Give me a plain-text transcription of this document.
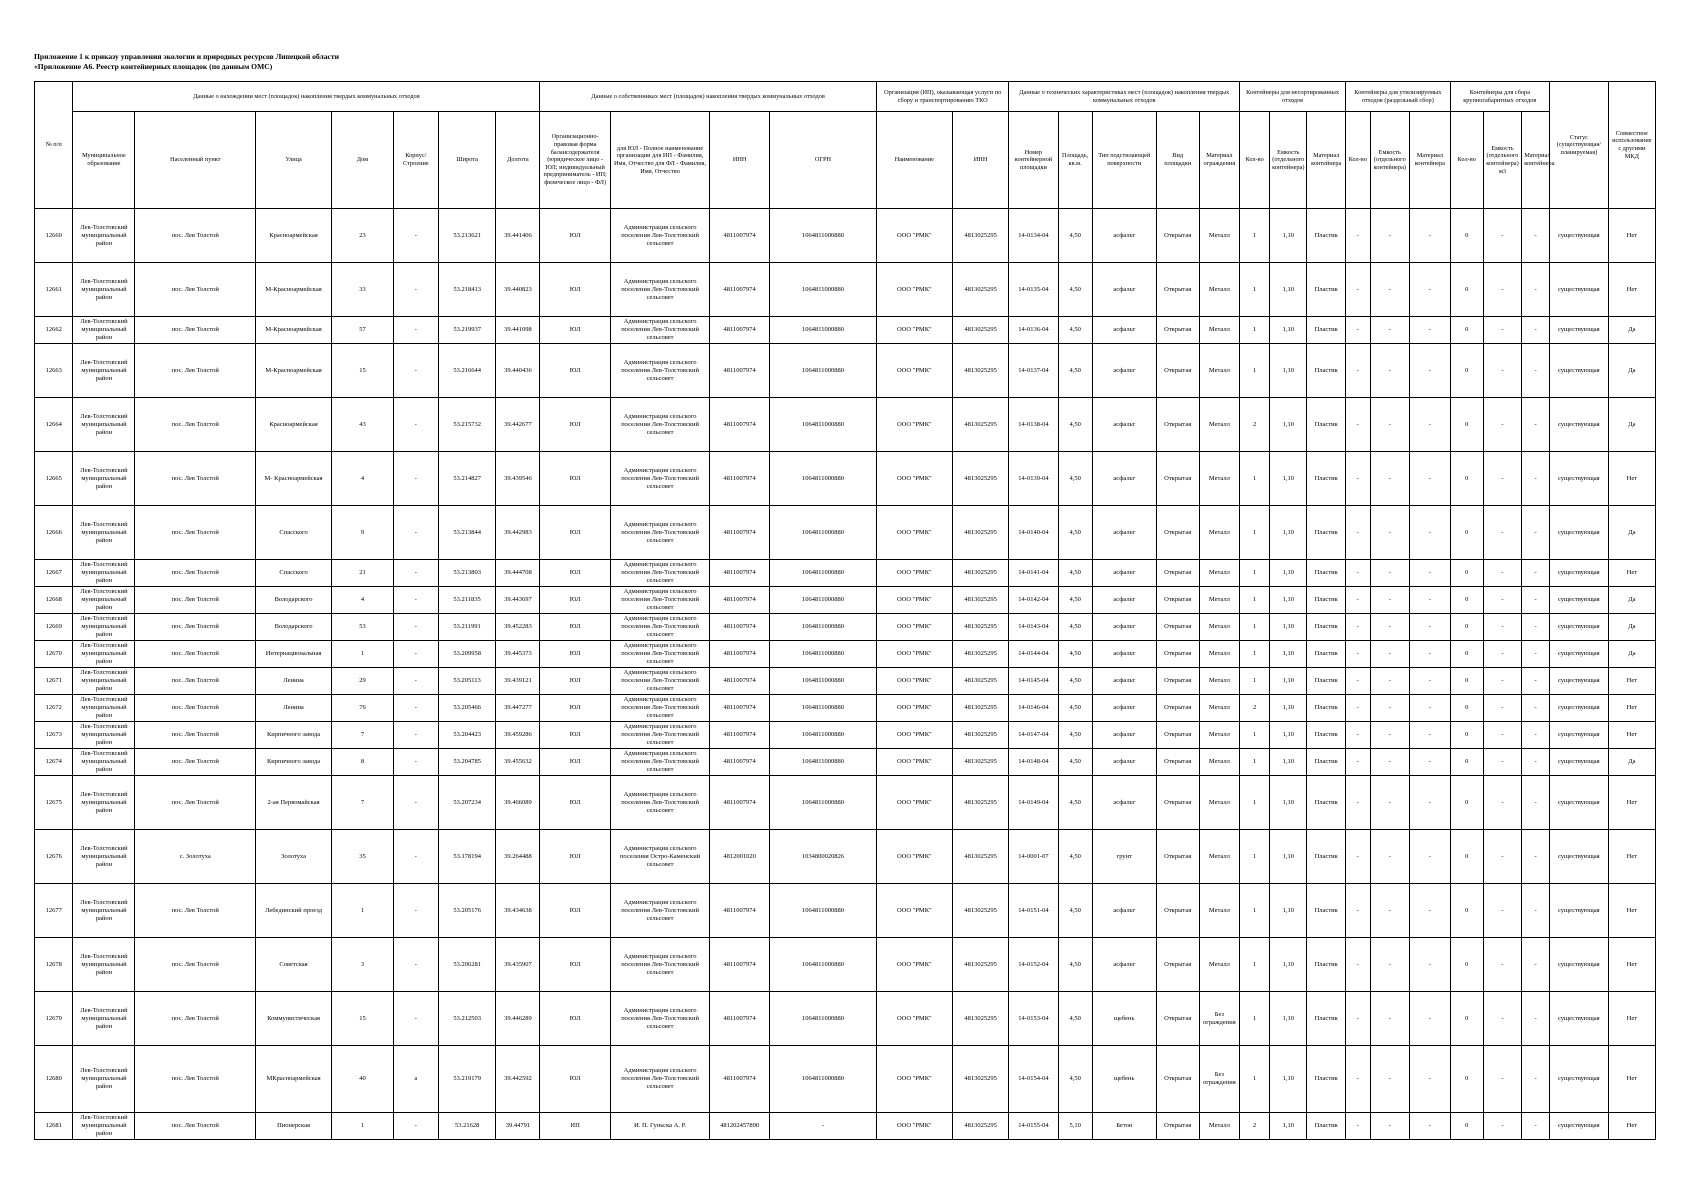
Приложение 1 к приказу управления экологии и природных ресурсов Липецкой области
«Приложение А6. Реестр контейнерных площадок (по данным ОМС)
№ п/п	Данные о нахождении мест (площадок) накопления твердых коммунальных отходов							Данные о собственниках мест (площадок) накопления твердых коммунальных отходов				Организация (ИП), оказывающая услуги по сбору и транспортированию ТКО		Данные о технических характеристиках мест (площадок) накопления твердых коммунальных отходов					Контейнеры для несортированных отходов			Контейнеры для утилизируемых отходов (раздельный сбор)			Контейнеры для сбора крупногабаритных отходов			Статус (существующая/ планируемая)	Совместное использование с другими МКД
	Муниципальное образование	Населенный пункт	Улица	Дом	Корпус/Строение	Широта	Долгота	Организационно-правовая форма балансодержателя (юридическое лицо - ЮЛ; индивидуальный предприниматель - ИП; физическое лицо - ФЛ)	для ЮЛ - Полное наименование организации для ИП - Фамилия, Имя, Отчество для ФЛ - Фамилия, Имя, Отчество	ИНН	ОГРН	Наименование	ИНН	Номер контейнерной площадки	Площадь, кв.м.	Тип подстилающей поверхности	Вид площадки	Материал ограждения	Кол-во	Емкость (отдельного контейнера)	Материал контейнера	Кол-во	Емкость (отдельного контейнера)	Материал контейнера	Кол-во	Емкость (отдельного контейнера) м3	Материал контейнера		
12660	Лев-Толстовский муниципальный район	пос. Лев Толстой	Красноармейская	23	-	53.213621	39.441406	ЮЛ	Администрация сельского поселения Лев-Толстовский сельсовет	4811007974	1064811000880	ООО "РМК"	4813025295	14-0134-04	4,50	асфальт	Открытая	Металл	1	1,10	Пластик	-	-	-	0	-	-	существующая	Нет
12661	Лев-Толстовский муниципальный район	пос. Лев Толстой	М-Красноармейская	33	-	53.218413	39.440823	ЮЛ	Администрация сельского поселения Лев-Толстовский сельсовет	4811007974	1064811000880	ООО "РМК"	4813025295	14-0135-04	4,50	асфальт	Открытая	Металл	1	1,10	Пластик	-	-	-	0	-	-	существующая	Нет
12662	Лев-Толстовский муниципальный район	пос. Лев Толстой	М-Красноармейская	57	-	53.219937	39.441098	ЮЛ	Администрация сельского поселения Лев-Толстовский сельсовет	4811007974	1064811000880	ООО "РМК"	4813025295	14-0136-04	4,50	асфальт	Открытая	Металл	1	1,10	Пластик	-	-	-	0	-	-	существующая	Да
12663	Лев-Толстовский муниципальный район	пос. Лев Толстой	М-Красноармейская	15	-	53.216644	39.440436	ЮЛ	Администрация сельского поселения Лев-Толстовский сельсовет	4811007974	1064811000880	ООО "РМК"	4813025295	14-0137-04	4,50	асфальт	Открытая	Металл	1	1,10	Пластик	-	-	-	0	-	-	существующая	Да
12664	Лев-Толстовский муниципальный район	пос. Лев Толстой	Красноармейская	43	-	53.215732	39.442677	ЮЛ	Администрация сельского поселения Лев-Толстовский сельсовет	4811007974	1064811000880	ООО "РМК"	4813025295	14-0138-04	4,50	асфальт	Открытая	Металл	2	1,10	Пластик	-	-	-	0	-	-	существующая	Да
12665	Лев-Толстовский муниципальный район	пос. Лев Толстой	М- Красноармейская	4	-	53.214827	39.439546	ЮЛ	Администрация сельского поселения Лев-Толстовский сельсовет	4811007974	1064811000880	ООО "РМК"	4813025295	14-0139-04	4,50	асфальт	Открытая	Металл	1	1,10	Пластик	-	-	-	0	-	-	существующая	Нет
12666	Лев-Толстовский муниципальный район	пос. Лев Толстой	Спасского	9	-	53.213844	39.442983	ЮЛ	Администрация сельского поселения Лев-Толстовский сельсовет	4811007974	1064811000880	ООО "РМК"	4813025295	14-0140-04	4,50	асфальт	Открытая	Металл	1	1,10	Пластик	-	-	-	0	-	-	существующая	Да
12667	Лев-Толстовский муниципальный район	пос. Лев Толстой	Спасского	21	-	53.213803	39.444708	ЮЛ	Администрация сельского поселения Лев-Толстовский сельсовет	4811007974	1064811000880	ООО "РМК"	4813025295	14-0141-04	4,50	асфальт	Открытая	Металл	1	1,10	Пластик	-	-	-	0	-	-	существующая	Нет
12668	Лев-Толстовский муниципальный район	пос. Лев Толстой	Володарского	4	-	53.211835	39.443697	ЮЛ	Администрация сельского поселения Лев-Толстовский сельсовет	4811007974	1064811000880	ООО "РМК"	4813025295	14-0142-04	4,50	асфальт	Открытая	Металл	1	1,10	Пластик	-	-	-	0	-	-	существующая	Да
12669	Лев-Толстовский муниципальный район	пос. Лев Толстой	Володарского	53	-	53.211991	39.452283	ЮЛ	Администрация сельского поселения Лев-Толстовский сельсовет	4811007974	1064811000880	ООО "РМК"	4813025295	14-0143-04	4,50	асфальт	Открытая	Металл	1	1,10	Пластик	-	-	-	0	-	-	существующая	Да
12670	Лев-Толстовский муниципальный район	пос. Лев Толстой	Интернациональная	1	-	53.209958	39.445373	ЮЛ	Администрация сельского поселения Лев-Толстовский сельсовет	4811007974	1064811000880	ООО "РМК"	4813025295	14-0144-04	4,50	асфальт	Открытая	Металл	1	1,10	Пластик	-	-	-	0	-	-	существующая	Да
12671	Лев-Толстовский муниципальный район	пос. Лев Толстой	Ленина	29	-	53.205113	39.439121	ЮЛ	Администрация сельского поселения Лев-Толстовский сельсовет	4811007974	1064811000880	ООО "РМК"	4813025295	14-0145-04	4,50	асфальт	Открытая	Металл	1	1,10	Пластик	-	-	-	0	-	-	существующая	Нет
12672	Лев-Толстовский муниципальный район	пос. Лев Толстой	Ленина	76	-	53.205466	39.447277	ЮЛ	Администрация сельского поселения Лев-Толстовский сельсовет	4811007974	1064811000880	ООО "РМК"	4813025295	14-0146-04	4,50	асфальт	Открытая	Металл	2	1,10	Пластик	-	-	-	0	-	-	существующая	Нет
12673	Лев-Толстовский муниципальный район	пос. Лев Толстой	Кирпичного завода	7	-	53.204423	39.459286	ЮЛ	Администрация сельского поселения Лев-Толстовский сельсовет	4811007974	1064811000880	ООО "РМК"	4813025295	14-0147-04	4,50	асфальт	Открытая	Металл	1	1,10	Пластик	-	-	-	0	-	-	существующая	Нет
12674	Лев-Толстовский муниципальный район	пос. Лев Толстой	Кирпичного завода	8	-	53.204785	39.455632	ЮЛ	Администрация сельского поселения Лев-Толстовский сельсовет	4811007974	1064811000880	ООО "РМК"	4813025295	14-0148-04	4,50	асфальт	Открытая	Металл	1	1,10	Пластик	-	-	-	0	-	-	существующая	Да
12675	Лев-Толстовский муниципальный район	пос. Лев Толстой	2-ая Первомайская	7	-	53.207234	39.466089	ЮЛ	Администрация сельского поселения Лев-Толстовский сельсовет	4811007974	1064811000880	ООО "РМК"	4813025295	14-0149-04	4,50	асфальт	Открытая	Металл	1	1,10	Пластик	-	-	-	0	-	-	существующая	Нет
12676	Лев-Толстовский муниципальный район	с. Золотуха	Золотуха	35	-	53.178194	39.264488	ЮЛ	Администрация сельского поселения Остро-Каменский сельсовет	4812001020	1034800020826	ООО "РМК"	4813025295	14-0001-07	4,50	грунт	Открытая	Металл	1	1,10	Пластик	-	-	-	0	-	-	существующая	Нет
12677	Лев-Толстовский муниципальный район	пос. Лев Толстой	Лебединский проезд	1	-	53.205176	39.434638	ЮЛ	Администрация сельского поселения Лев-Толстовский сельсовет	4811007974	1064811000880	ООО "РМК"	4813025295	14-0151-04	4,50	асфальт	Открытая	Металл	1	1,10	Пластик	-	-	-	0	-	-	существующая	Нет
12678	Лев-Толстовский муниципальный район	пос. Лев Толстой	Советская	3	-	53.206281	39.435907	ЮЛ	Администрация сельского поселения Лев-Толстовский сельсовет	4811007974	1064811000880	ООО "РМК"	4813025295	14-0152-04	4,50	асфальт	Открытая	Металл	1	1,10	Пластик	-	-	-	0	-	-	существующая	Нет
12679	Лев-Толстовский муниципальный район	пос. Лев Толстой	Коммунистическая	15	-	53.212503	39.446289	ЮЛ	Администрация сельского поселения Лев-Толстовский сельсовет	4811007974	1064811000880	ООО "РМК"	4813025295	14-0153-04	4,50	щебень	Открытая	Без ограждения	1	1,10	Пластик	-	-	-	0	-	-	существующая	Нет
12680	Лев-Толстовский муниципальный район	пос. Лев Толстой	МКрасноармейская	40	а	53.219179	39.442592	ЮЛ	Администрация сельского поселения Лев-Толстовский сельсовет	4811007974	1064811000880	ООО "РМК"	4813025295	14-0154-04	4,50	щебень	Открытая	Без ограждения	1	1,10	Пластик	-	-	-	0	-	-	существующая	Нет
12681	Лев-Толстовский муниципальный район	пос. Лев Толстой	Пионерская	1	-	53.21628	39.44791	ИП	И. П. Гуньска А. Р.	481202457890	-	ООО "РМК"	4813025295	14-0155-04	5,10	Бетон	Открытая	Металл	2	1,10	Пластик	-	-	-	0	-	-	существующая	Нет
